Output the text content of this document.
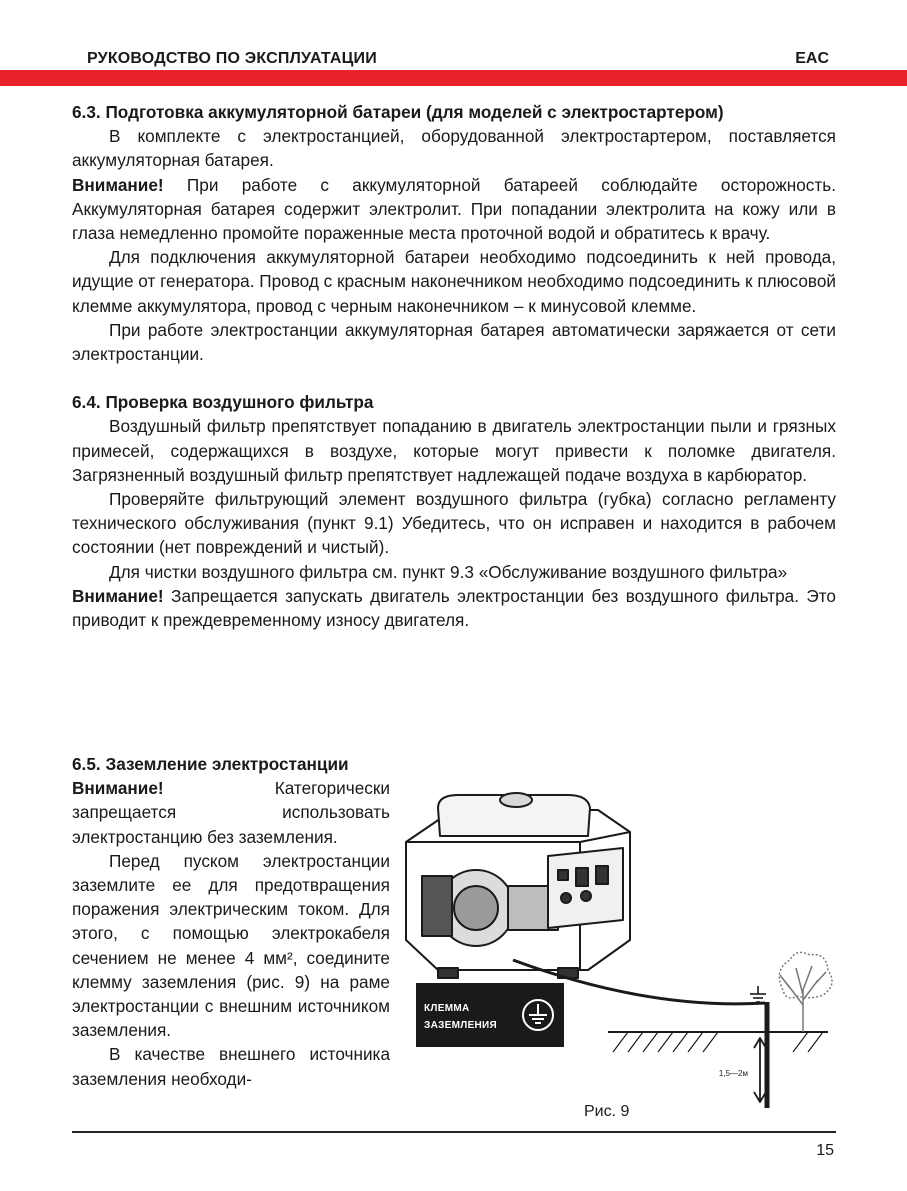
РУКОВОДСТВО ПО ЭКСПЛУАТАЦИИ	EAC
6.3. Подготовка аккумуляторной батареи (для моделей с электростартером)

В комплекте с электростанцией, оборудованной электростартером, поставляется аккумуляторная батарея.

Внимание! При работе с аккумуляторной батареей соблюдайте осторожность. Аккумуляторная батарея содержит электролит. При попадании электролита на кожу или в глаза немедленно промойте пораженные места проточной водой и обратитесь к врачу.

Для подключения аккумуляторной батареи необходимо подсоединить к ней провода, идущие от генератора. Провод с красным наконечником необходимо подсоединить к плюсовой клемме аккумулятора, провод с черным наконечником – к минусовой клемме.

При работе электростанции аккумуляторная батарея автоматически заряжается от сети электростанции.

6.4. Проверка воздушного фильтра

Воздушный фильтр препятствует попаданию в двигатель электростанции пыли и грязных примесей, содержащихся в воздухе, которые могут привести к поломке двигателя. Загрязненный воздушный фильтр препятствует надлежащей подаче воздуха в карбюратор.

Проверяйте фильтрующий элемент воздушного фильтра (губка) согласно регламенту технического обслуживания (пункт 9.1) Убедитесь, что он исправен и находится в рабочем состоянии (нет повреждений и чистый).

Для чистки воздушного фильтра см. пункт 9.3 «Обслуживание воздушного фильтра»

Внимание! Запрещается запускать двигатель электростанции без воздушного фильтра. Это приводит к преждевременному износу двигателя.

6.5. Заземление электростанции

Внимание! Категорически запрещается использовать электростанцию без заземления.

Перед пуском электростанции заземлите ее для предотвращения поражения электрическим током. Для этого, с помощью электрокабеля сечением не менее 4 мм², соедините клемму заземления (рис. 9) на раме электростанции с внешним источником заземления.

В качестве внешнего источника заземления необходи-	1,5—2м
КЛЕММА
ЗАЗЕМЛЕНИЯ
Рис. 9
15
